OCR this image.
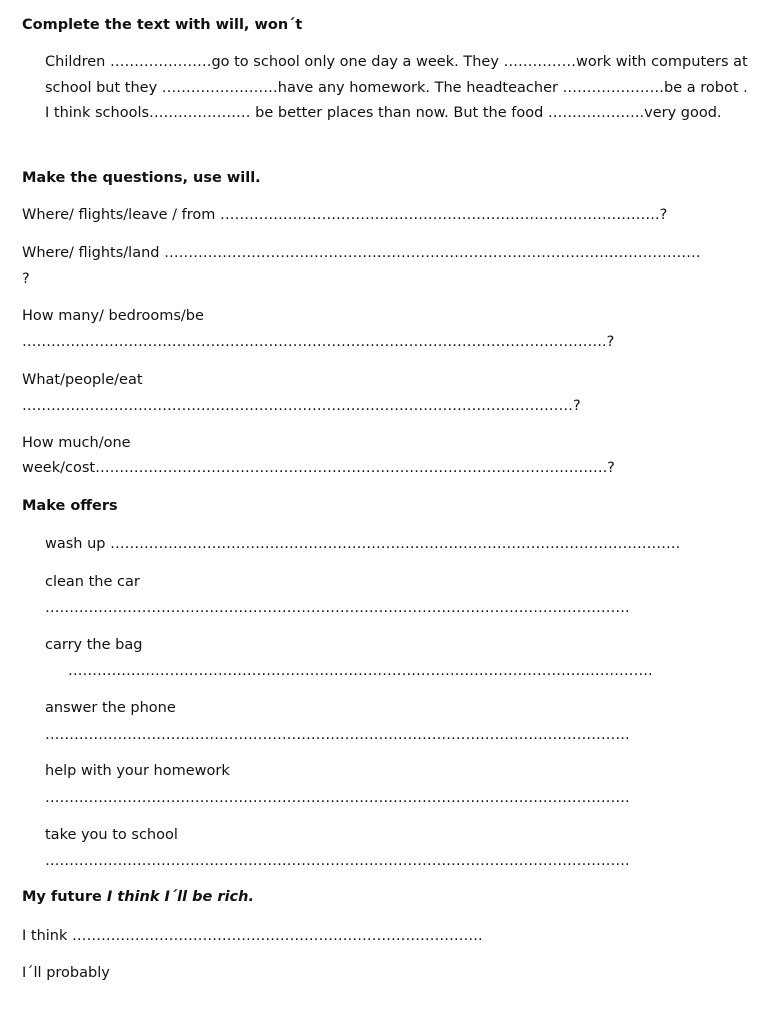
Complete the text with will, won´t
Children …………………go to school only one day a week. They ……………work with computers at school but they ……………………have any homework. The headteacher …………………be a robot . I think schools………………… be better places than now. But the food ………………..very good.
Make the questions, use will.
Where/ flights/leave / from ……………………………………………………………………………….?
Where/ flights/land …………………………………………………………………………………………………
?
How many/ bedrooms/be
………………………………………………………………………………………………………….?
What/people/eat
……………………………………………………………………………………………………?
How much/one
week/cost…………………………………………………………………………………………….?
Make offers
wash up ……………………………………………………………………………………………………….
clean the car
………………………………………………………………………………………………………….
carry the bag
………………………………………………………………………………………………………….
answer the phone
………………………………………………………………………………………………………….
help with your homework
………………………………………………………………………………………………………….
take you to school
………………………………………………………………………………………………………….
My future I think I´ll be rich.
I think ………………………………………………………………………….
I´ll probably
